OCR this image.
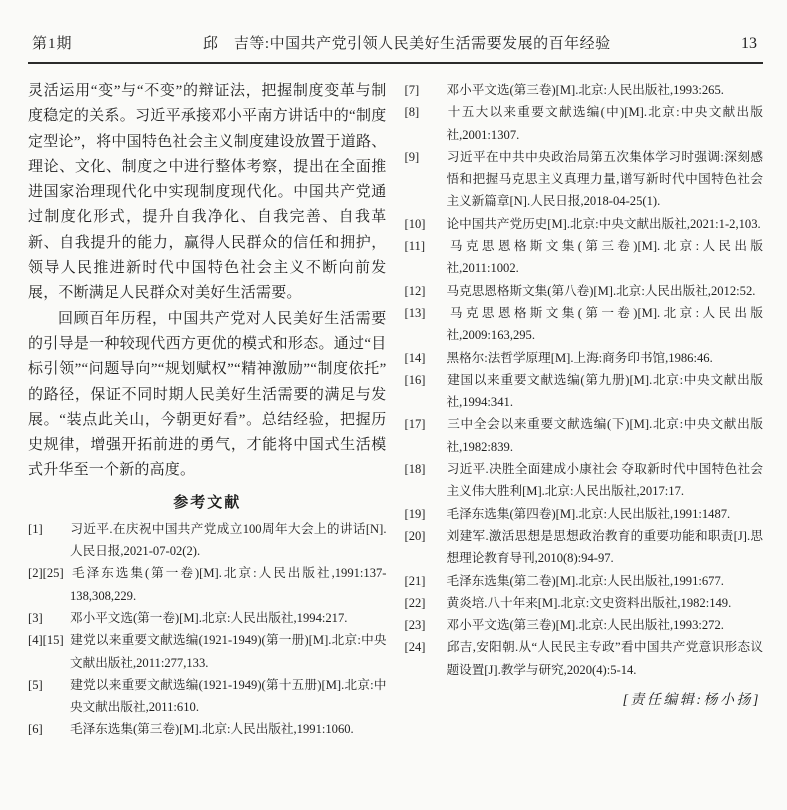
第1期	邱　吉等:中国共产党引领人民美好生活需要发展的百年经验	13

灵活运用“变”与“不变”的辩证法，把握制度变革与制度稳定的关系。习近平承接邓小平南方讲话中的“制度定型论”，将中国特色社会主义制度建设放置于道路、理论、文化、制度之中进行整体考察，提出在全面推进国家治理现代化中实现制度现代化。中国共产党通过制度化形式，提升自我净化、自我完善、自我革新、自我提升的能力，赢得人民群众的信任和拥护，领导人民推进新时代中国特色社会主义不断向前发展，不断满足人民群众对美好生活需要。

回顾百年历程，中国共产党对人民美好生活需要的引导是一种较现代西方更优的模式和形态。通过“目标引领”“问题导向”“规划赋权”“精神激励”“制度依托”的路径，保证不同时期人民美好生活需要的满足与发展。“装点此关山，今朝更好看”。总结经验，把握历史规律，增强开拓前进的勇气，才能将中国式生活模式升华至一个新的高度。

参考文献

[1] 习近平.在庆祝中国共产党成立100周年大会上的讲话[N].人民日报,2021-07-02(2).

[2][25] 毛泽东选集(第一卷)[M].北京:人民出版社,1991:137-138,308,229.

[3] 邓小平文选(第一卷)[M].北京:人民出版社,1994:217.

[4][15] 建党以来重要文献选编(1921-1949)(第一册)[M].北京:中央文献出版社,2011:277,133.

[5] 建党以来重要文献选编(1921-1949)(第十五册)[M].北京:中央文献出版社,2011:610.

[6] 毛泽东选集(第三卷)[M].北京:人民出版社,1991:1060.

[7] 邓小平文选(第三卷)[M].北京:人民出版社,1993:265.

[8] 十五大以来重要文献选编(中)[M].北京:中央文献出版社,2001:1307.

[9] 习近平在中共中央政治局第五次集体学习时强调:深刻感悟和把握马克思主义真理力量,谱写新时代中国特色社会主义新篇章[N].人民日报,2018-04-25(1).

[10] 论中国共产党历史[M].北京:中央文献出版社,2021:1-2,103.

[11] 马克思恩格斯文集(第三卷)[M].北京:人民出版社,2011:1002.

[12] 马克思恩格斯文集(第八卷)[M].北京:人民出版社,2012:52.

[13] 马克思恩格斯文集(第一卷)[M].北京:人民出版社,2009:163,295.

[14] 黑格尔:法哲学原理[M].上海:商务印书馆,1986:46.

[16] 建国以来重要文献选编(第九册)[M].北京:中央文献出版社,1994:341.

[17] 三中全会以来重要文献选编(下)[M].北京:中央文献出版社,1982:839.

[18] 习近平.决胜全面建成小康社会 夺取新时代中国特色社会主义伟大胜利[M].北京:人民出版社,2017:17.

[19] 毛泽东选集(第四卷)[M].北京:人民出版社,1991:1487.

[20] 刘建军.激活思想是思想政治教育的重要功能和职责[J].思想理论教育导刊,2010(8):94-97.

[21] 毛泽东选集(第二卷)[M].北京:人民出版社,1991:677.

[22] 黄炎培.八十年来[M].北京:文史资料出版社,1982:149.

[23] 邓小平文选(第三卷)[M].北京:人民出版社,1993:272.

[24] 邱吉,安阳朝.从“人民民主专政”看中国共产党意识形态议题设置[J].教学与研究,2020(4):5-14.

[责任编辑:杨小扬]
